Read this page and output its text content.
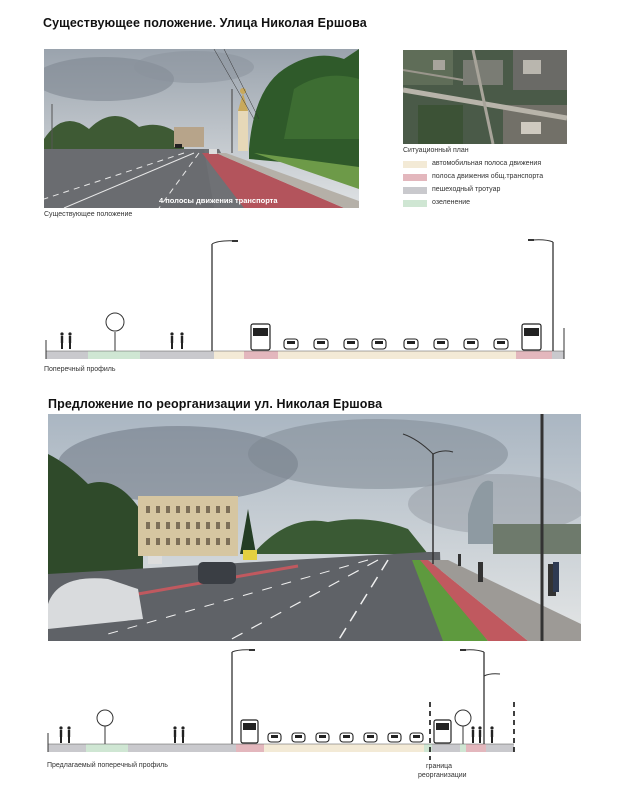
Существующее положение. Улица Николая Ершова
4 полосы движения транспорта
Существующее положение
Ситуационный план
автомобильная полоса движения
полоса движения общ.транспорта
пешеходный тротуар
озеленение
Поперечный профиль
Предложение по реорганизации ул. Николая Ершова
Предлагаемый поперечный профиль	граница
реорганизации
